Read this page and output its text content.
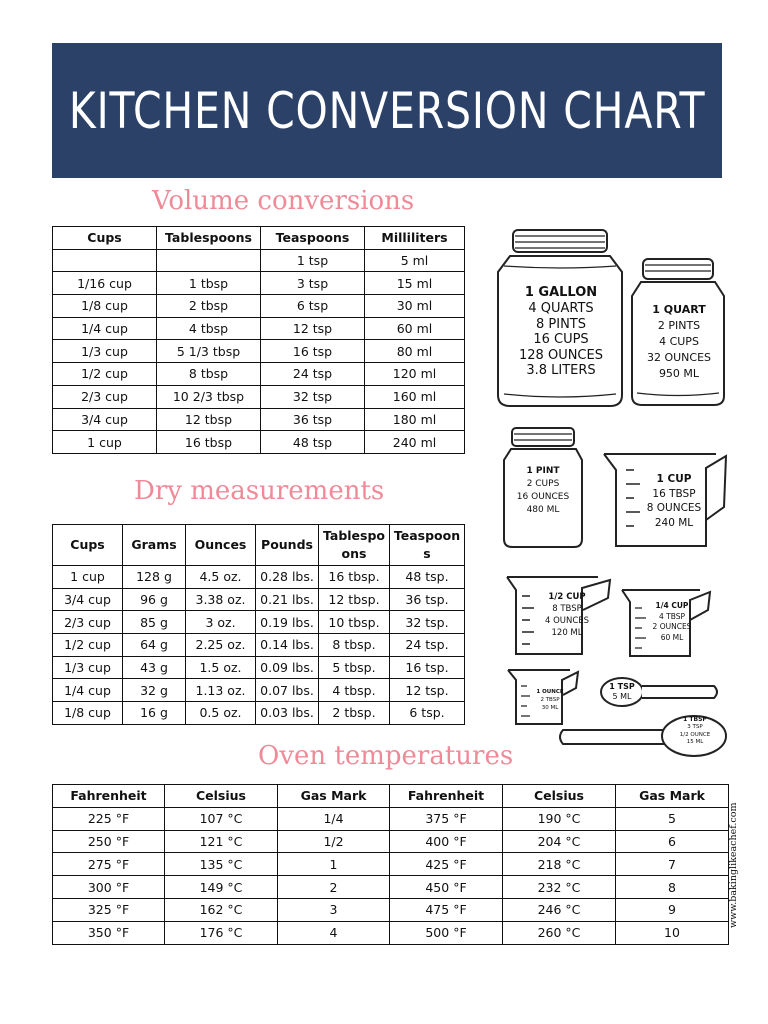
KITCHEN CONVERSION CHART
Volume conversions
Cups	Tablespoons	Teaspoons	Milliliters
		1 tsp	5 ml
1/16 cup	1 tbsp	3 tsp	15 ml
1/8 cup	2 tbsp	6 tsp	30 ml
1/4 cup	4 tbsp	12 tsp	60 ml
1/3 cup	5 1/3 tbsp	16 tsp	80 ml
1/2 cup	8 tbsp	24 tsp	120 ml
2/3 cup	10 2/3 tbsp	32 tsp	160 ml
3/4 cup	12 tbsp	36 tsp	180 ml
1 cup	16 tbsp	48 tsp	240 ml
Dry measurements
Cups	Grams	Ounces	Pounds	Tablespo ons	Teaspoon s
1 cup	128 g	4.5 oz.	0.28 lbs.	16 tbsp.	48 tsp.
3/4 cup	96 g	3.38 oz.	0.21 lbs.	12 tbsp.	36 tsp.
2/3 cup	85 g	3 oz.	0.19 lbs.	10 tbsp.	32 tsp.
1/2 cup	64 g	2.25 oz.	0.14 lbs.	8 tbsp.	24 tsp.
1/3 cup	43 g	1.5 oz.	0.09 lbs.	5 tbsp.	16 tsp.
1/4 cup	32 g	1.13 oz.	0.07 lbs.	4 tbsp.	12 tsp.
1/8 cup	16 g	0.5 oz.	0.03 lbs.	2 tbsp.	6 tsp.
Oven temperatures
Fahrenheit	Celsius	Gas Mark	Fahrenheit	Celsius	Gas Mark
225 °F	107 °C	1/4	375 °F	190 °C	5
250 °F	121 °C	1/2	400 °F	204 °C	6
275 °F	135 °C	1	425 °F	218 °C	7
300 °F	149 °C	2	450 °F	232 °C	8
325 °F	162 °C	3	475 °F	246 °C	9
350 °F	176 °C	4	500 °F	260 °C	10
1 GALLON
4 QUARTS
8 PINTS
16 CUPS
128 OUNCES
3.8 LITERS
1 QUART
2 PINTS
4 CUPS
32 OUNCES
950 ML
1 PINT
2 CUPS
16 OUNCES
480 ML
1 CUP
16 TBSP
8 OUNCES
240 ML
1/2 CUP
8 TBSP
4 OUNCES
120 ML
1/4 CUP
4 TBSP
2 OUNCES
60 ML
1 OUNCE
2 TBSP
30 ML
1 TSP
5 ML
1 TBSP
3 TSP
1/2 OUNCE
15 ML
www.bakinglikeachef.com
